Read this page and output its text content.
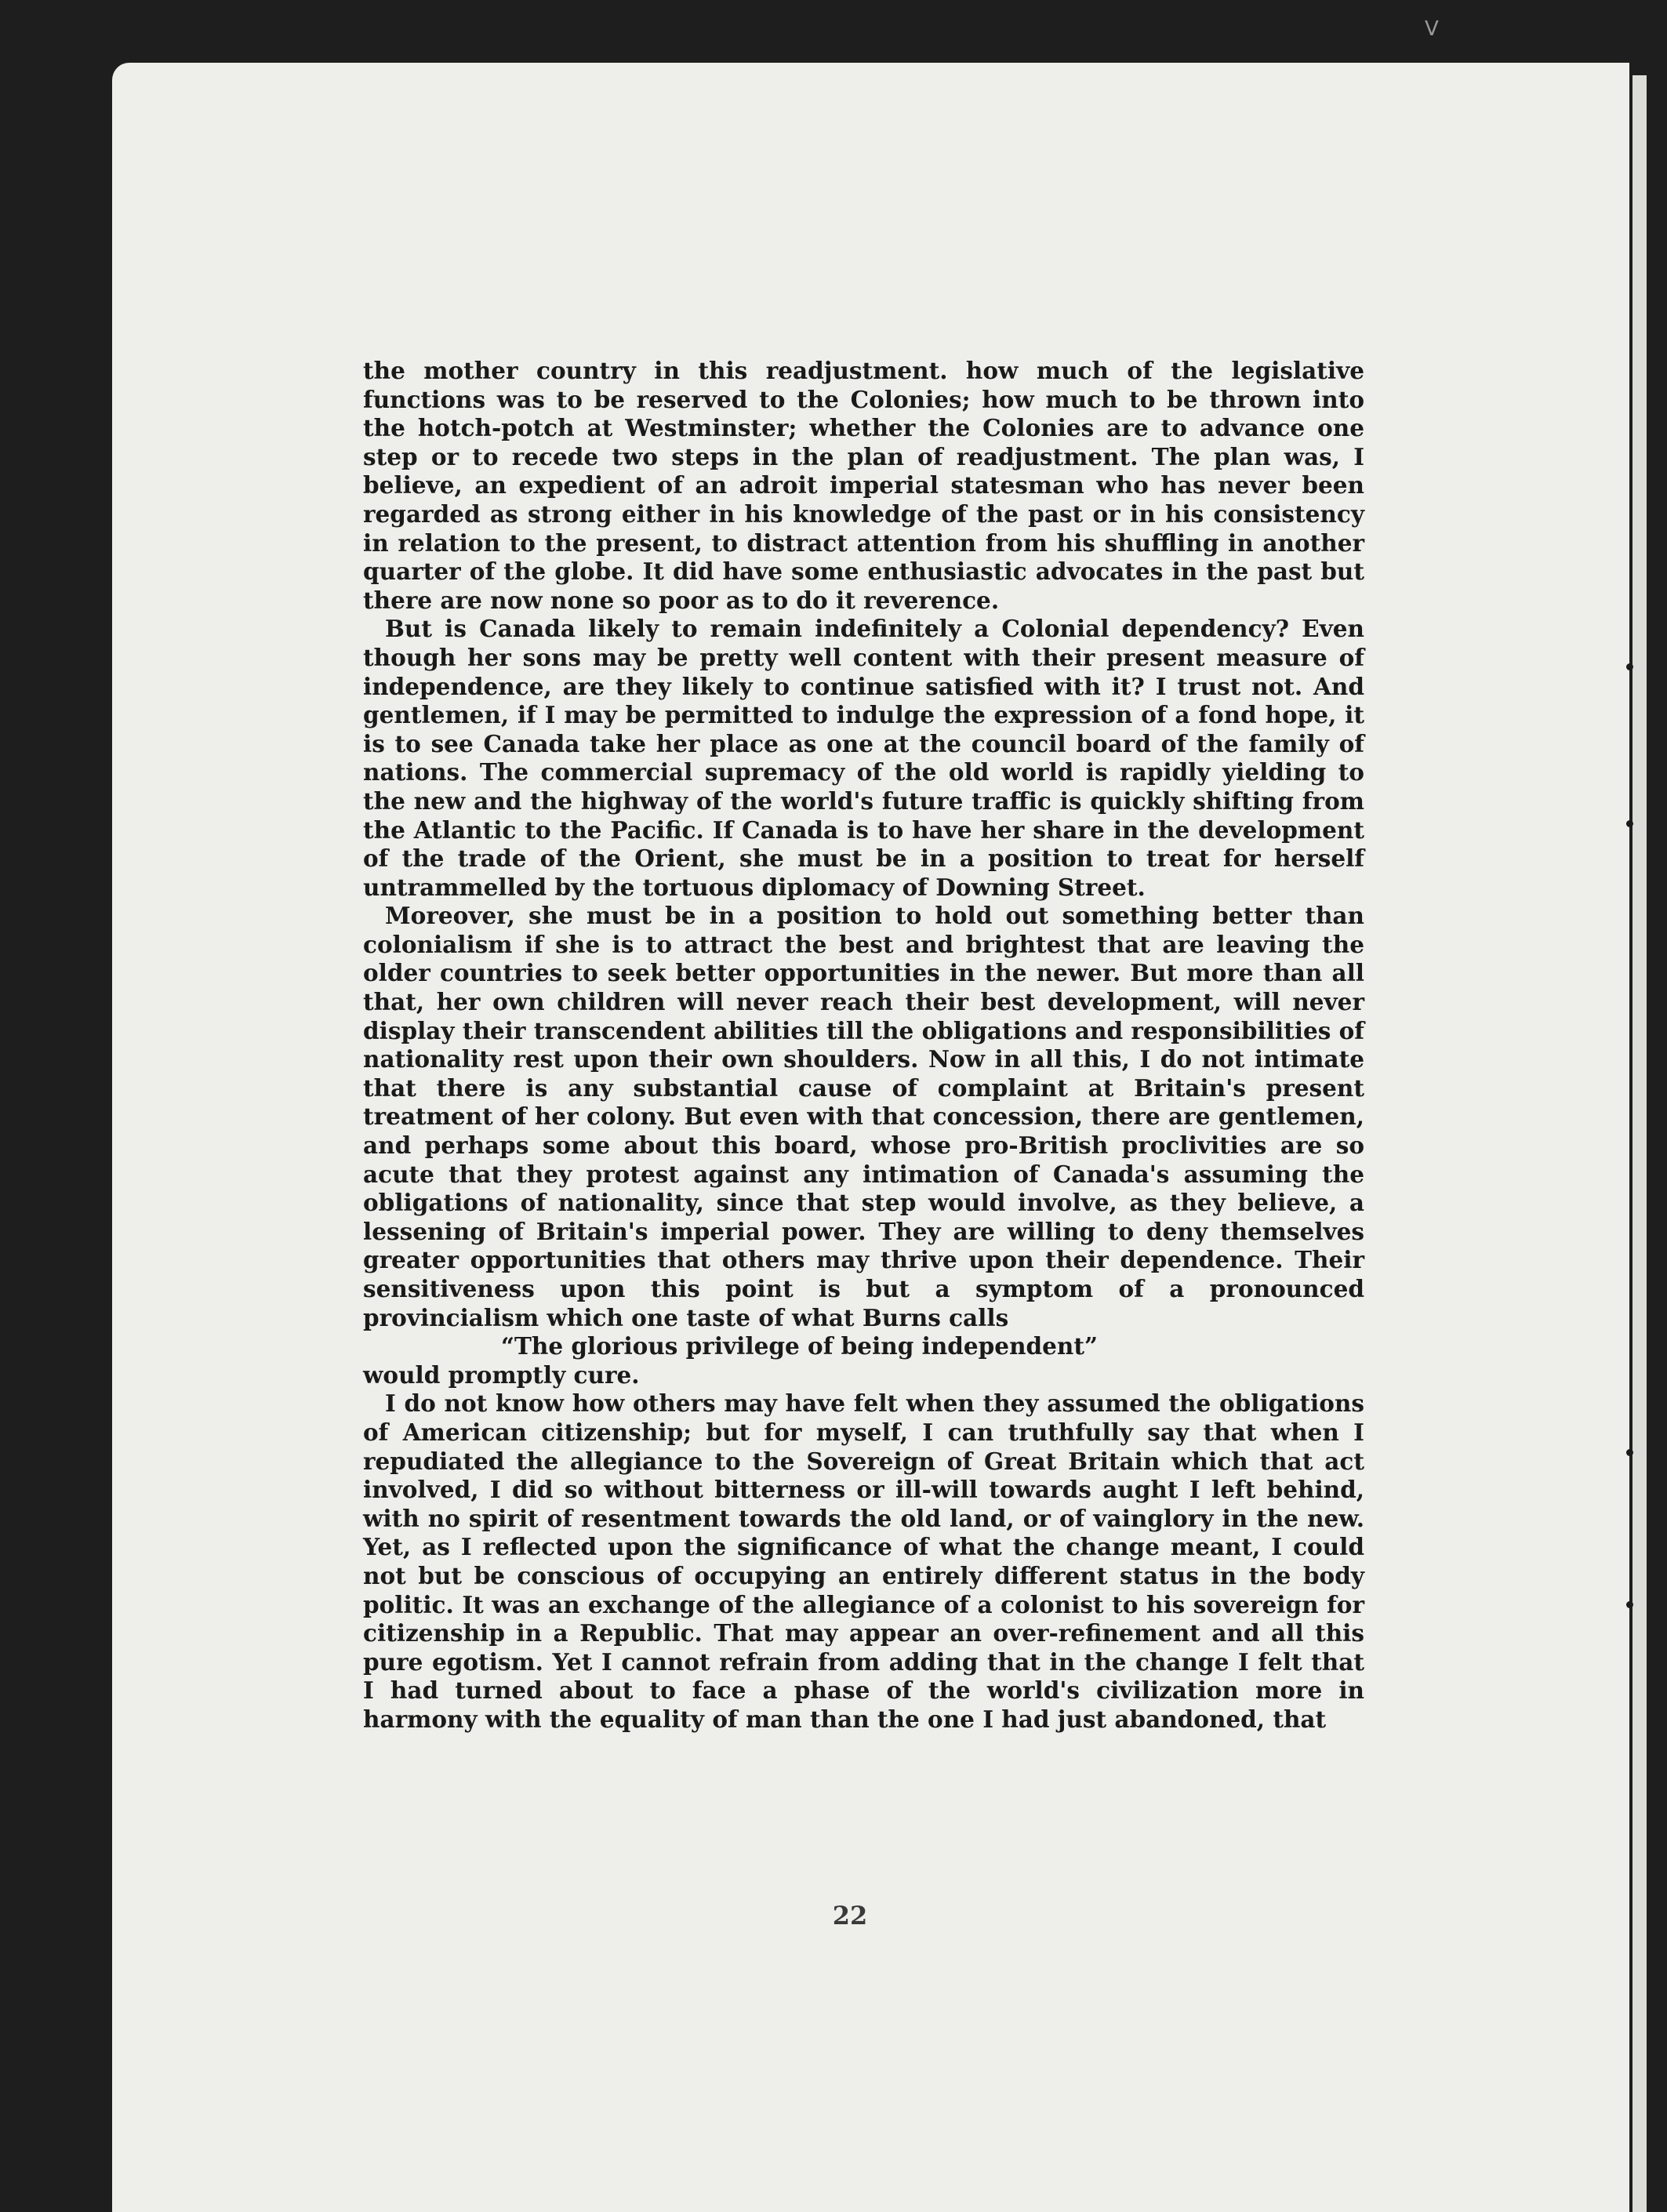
V

the mother country in this readjustment. how much of the legislative functions was to be reserved to the Colonies; how much to be thrown into the hotch-potch at Westminster; whether the Colonies are to advance one step or to recede two steps in the plan of readjustment. The plan was, I believe, an expedient of an adroit imperial statesman who has never been regarded as strong either in his knowledge of the past or in his consistency in relation to the present, to distract attention from his shuffling in another quarter of the globe. It did have some enthusiastic advocates in the past but there are now none so poor as to do it reverence.

But is Canada likely to remain indefinitely a Colonial dependency? Even though her sons may be pretty well content with their present measure of independence, are they likely to continue satisfied with it? I trust not. And gentlemen, if I may be permitted to indulge the expression of a fond hope, it is to see Canada take her place as one at the council board of the family of nations. The commercial supremacy of the old world is rapidly yielding to the new and the highway of the world's future traffic is quickly shifting from the Atlantic to the Pacific. If Canada is to have her share in the development of the trade of the Orient, she must be in a position to treat for herself untrammelled by the tortuous diplomacy of Downing Street.

Moreover, she must be in a position to hold out something better than colonialism if she is to attract the best and brightest that are leaving the older countries to seek better opportunities in the newer. But more than all that, her own children will never reach their best development, will never display their transcendent abilities till the obligations and responsibilities of nationality rest upon their own shoulders. Now in all this, I do not intimate that there is any substantial cause of complaint at Britain's present treatment of her colony. But even with that concession, there are gentlemen, and perhaps some about this board, whose pro-British proclivities are so acute that they protest against any intimation of Canada's assuming the obligations of nationality, since that step would involve, as they believe, a lessening of Britain's imperial power. They are willing to deny themselves greater opportunities that others may thrive upon their dependence. Their sensitiveness upon this point is but a symptom of a pronounced provincialism which one taste of what Burns calls

“The glorious privilege of being independent”

would promptly cure.

I do not know how others may have felt when they assumed the obligations of American citizenship; but for myself, I can truthfully say that when I repudiated the allegiance to the Sovereign of Great Britain which that act involved, I did so without bitterness or ill-will towards aught I left behind, with no spirit of resentment towards the old land, or of vainglory in the new. Yet, as I reflected upon the significance of what the change meant, I could not but be conscious of occupying an entirely different status in the body politic. It was an exchange of the allegiance of a colonist to his sovereign for citizenship in a Republic. That may appear an over-refinement and all this pure egotism. Yet I cannot refrain from adding that in the change I felt that I had turned about to face a phase of the world's civilization more in harmony with the equality of man than the one I had just abandoned, that

22
